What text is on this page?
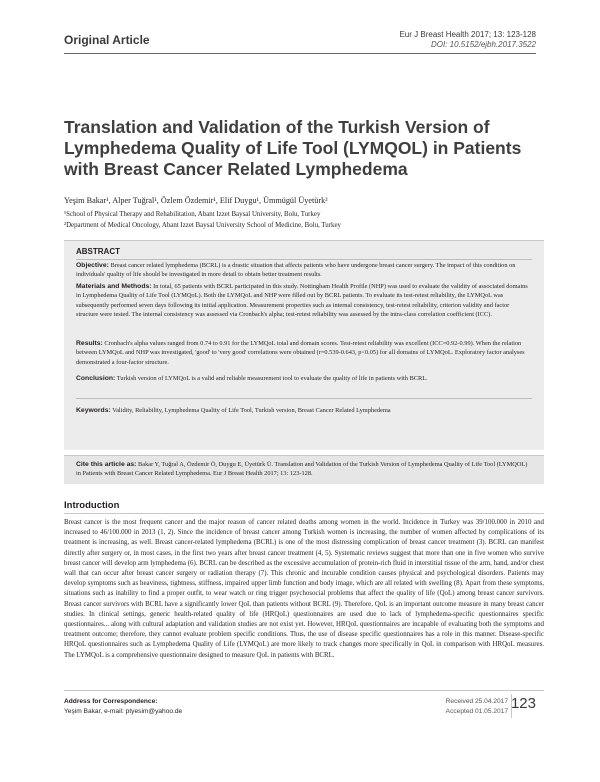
Original Article	Eur J Breast Health 2017; 13: 123-128
DOI: 10.5152/ejbh.2017.3522
Translation and Validation of the Turkish Version of Lymphedema Quality of Life Tool (LYMQOL) in Patients with Breast Cancer Related Lymphedema
Yeşim Bakar¹, Alper Tuğral¹, Özlem Özdemir¹, Elif Duygu¹, Ümmügül Üyetürk²
¹School of Physical Therapy and Rehabilitation, Abant Izzet Baysal University, Bolu, Turkey
²Department of Medical Oncology, Abant Izzet Baysal University School of Medicine, Bolu, Turkey
ABSTRACT

Objective: Breast cancer related lymphedema (BCRL) is a drastic situation that affects patients who have undergone breast cancer surgery. The impact of this condition on individuals' quality of life should be investigated in more detail to obtain better treatment results.

Materials and Methods: In total, 65 patients with BCRL participated in this study. Nottingham Health Profile (NHP) was used to evaluate the validity of associated domains in Lymphedema Quality of Life Tool (LYMQoL). Both the LYMQoL and NHP were filled out by BCRL patients. To evaluate its test-retest reliability, the LYMQoL was subsequently performed seven days following its initial application. Measurement properties such as internal consistency, test-retest reliability, criterion validity and factor structure were tested. The internal consistency was assessed via Cronbach's alpha; test-retest reliability was assessed by the intra-class correlation coefficient (ICC).

Results: Cronbach's alpha values ranged from 0.74 to 0.91 for the LYMQoL total and domain scores. Test-retest reliability was excellent (ICC=0.92-0.99). When the relation between LYMQoL and NHP was investigated, 'good' to 'very good' correlations were obtained (r=0.539-0.643, p<0.05) for all domains of LYMQoL. Exploratory factor analyses demonstrated a four-factor structure.

Conclusion: Turkish version of LYMQoL is a valid and reliable measurement tool to evaluate the quality of life in patients with BCRL.

Keywords: Validity, Reliability, Lymphedema Quality of Life Tool, Turkish version, Breast Cancer Related Lymphedema

Cite this article as: Bakar Y, Tuğral A, Özdemir Ö, Duygu E, Üyetürk Ü. Translation and Validation of the Turkish Version of Lymphedema Quality of Life Tool (LYMQOL) in Patients with Breast Cancer Related Lymphedema. Eur J Breast Health 2017; 13: 123-128.
Introduction

Breast cancer is the most frequent cancer and the major reason of cancer related deaths among women in the world. Incidence in Turkey was 39/100.000 in 2010 and increased to 46/100.000 in 2013 (1, 2). Since the incidence of breast cancer among Turkish women is increasing, the number of women affected by complications of its treatment is increasing, as well. Breast cancer-related lymphedema (BCRL) is one of the most distressing complication of breast cancer treatment (3). BCRL can manifest directly after surgery or, in most cases, in the first two years after breast cancer treatment (4, 5). Systematic reviews suggest that more than one in five women who survive breast cancer will develop arm lymphedema (6). BCRL can be described as the excessive accumulation of protein-rich fluid in interstitial tissue of the arm, hand, and/or chest wall that can occur after breast cancer surgery or radiation therapy (7). This chronic and incurable condition causes physical and psychological disorders. Patients may develop symptoms such as heaviness, tightness, stiffness, impaired upper limb function and body image, which are all related with swelling (8). Apart from these symptoms, situations such as inability to find a proper outfit, to wear watch or ring trigger psychosocial problems that affect the quality of life (QoL) among breast cancer survivors. Breast cancer survivors with BCRL have a significantly lower QoL than patients without BCRL (9). Therefore, QoL is an important outcome measure in many breast cancer studies. In clinical settings, generic health-related quality of life (HRQoL) questionnaires are used due to lack of lymphedema-specific questionnaires specific questionnaires... along with cultural adaptation and validation studies are not exist yet. However, HRQoL questionnaires are incapable of evaluating both the symptoms and treatment outcome; therefore, they cannot evaluate problem specific conditions. Thus, the use of disease specific questionnaires has a role in this manner. Disease-specific HRQoL questionnaires such as Lymphedema Quality of Life (LYMQoL) are more likely to track changes more specifically in QoL in comparison with HRQoL measures. The LYMQoL is a comprehensive questionnaire designed to measure QoL in patients with BCRL.

Address for Correspondence:
Yeşim Bakar, e-mail: ptyesim@yahoo.de
Received 25.04.2017
Accepted 01.05.2017 123
